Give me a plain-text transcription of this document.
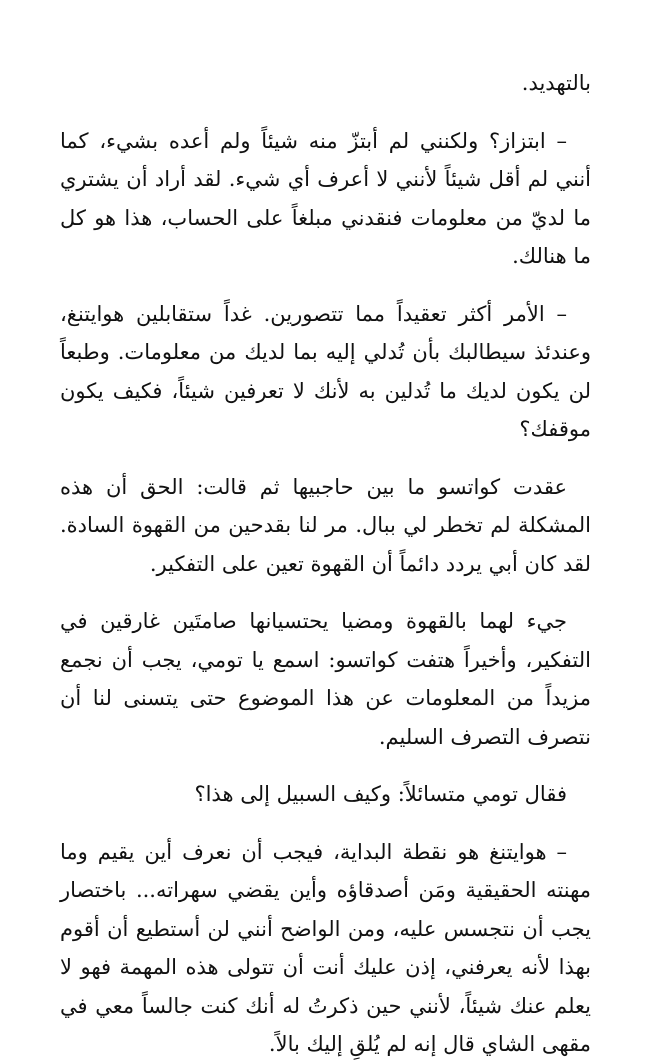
بالتهديد.

– ابتزاز؟ ولكنني لم أبتزّ منه شيئاً ولم أعده بشيء، كما أنني لم أقل شيئاً لأنني لا أعرف أي شيء. لقد أراد أن يشتري ما لديّ من معلومات فنقدني مبلغاً على الحساب، هذا هو كل ما هنالك.

– الأمر أكثر تعقيداً مما تتصورين. غداً ستقابلين هوايتنغ، وعندئذ سيطالبك بأن تُدلي إليه بما لديك من معلومات. وطبعاً لن يكون لديك ما تُدلين به لأنك لا تعرفين شيئاً، فكيف يكون موقفك؟

عقدت كواتسو ما بين حاجبيها ثم قالت: الحق أن هذه المشكلة لم تخطر لي ببال. مر لنا بقدحين من القهوة السادة. لقد كان أبي يردد دائماً أن القهوة تعين على التفكير.

جيء لهما بالقهوة ومضيا يحتسيانها صامتَين غارقين في التفكير، وأخيراً هتفت كواتسو: اسمع يا تومي، يجب أن نجمع مزيداً من المعلومات عن هذا الموضوع حتى يتسنى لنا أن نتصرف التصرف السليم.

فقال تومي متسائلاً: وكيف السبيل إلى هذا؟

– هوايتنغ هو نقطة البداية، فيجب أن نعرف أين يقيم وما مهنته الحقيقية ومَن أصدقاؤه وأين يقضي سهراته... باختصار يجب أن نتجسس عليه، ومن الواضح أنني لن أستطيع أن أقوم بهذا لأنه يعرفني، إذن عليك أنت أن تتولى هذه المهمة فهو لا يعلم عنك شيئاً، لأنني حين ذكرتُ له أنك كنت جالساً معي في مقهى الشاي قال إنه لم يُلقِ إليك بالاً.
